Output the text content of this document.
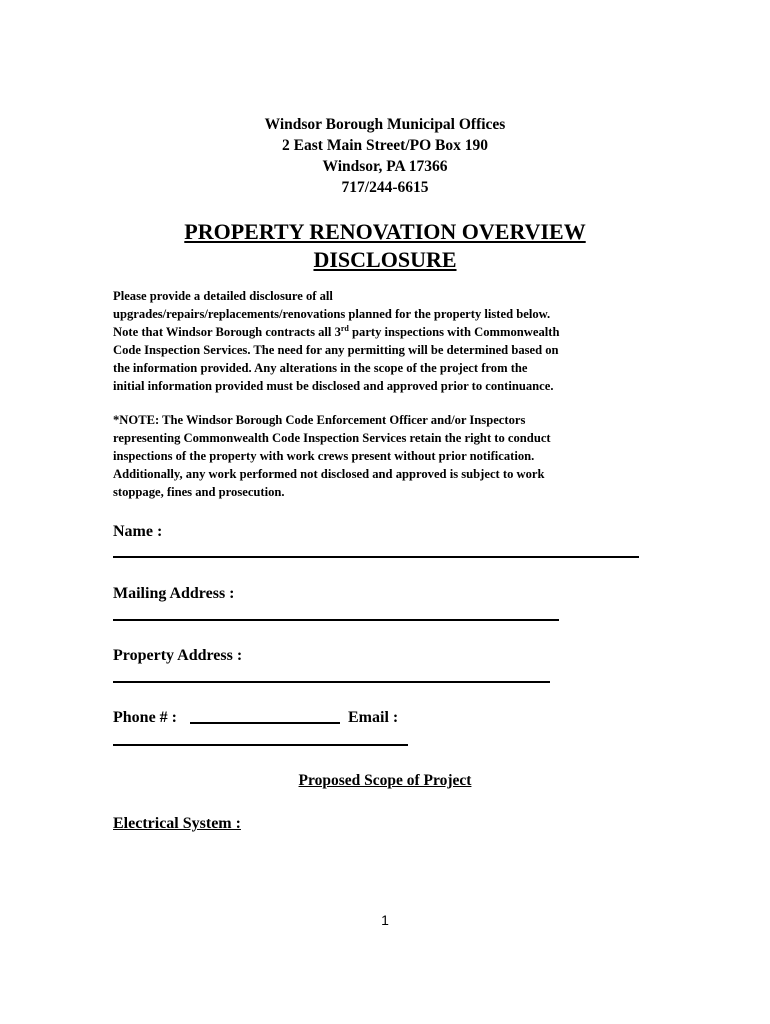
Windsor Borough Municipal Offices
2 East Main Street/PO Box 190
Windsor, PA 17366
717/244-6615
PROPERTY RENOVATION OVERVIEW
DISCLOSURE
Please provide a detailed disclosure of all
upgrades/repairs/replacements/renovations planned for the property listed below.
Note that Windsor Borough contracts all 3rd party inspections with Commonwealth
Code Inspection Services. The need for any permitting will be determined based on
the information provided. Any alterations in the scope of the project from the
initial information provided must be disclosed and approved prior to continuance.
*NOTE: The Windsor Borough Code Enforcement Officer and/or Inspectors
representing Commonwealth Code Inspection Services retain the right to conduct
inspections of the property with work crews present without prior notification.
Additionally, any work performed not disclosed and approved is subject to work
stoppage, fines and prosecution.
Name :
Mailing Address :
Property Address :
Phone # :	Email :
Proposed Scope of Project
Electrical System :
1
